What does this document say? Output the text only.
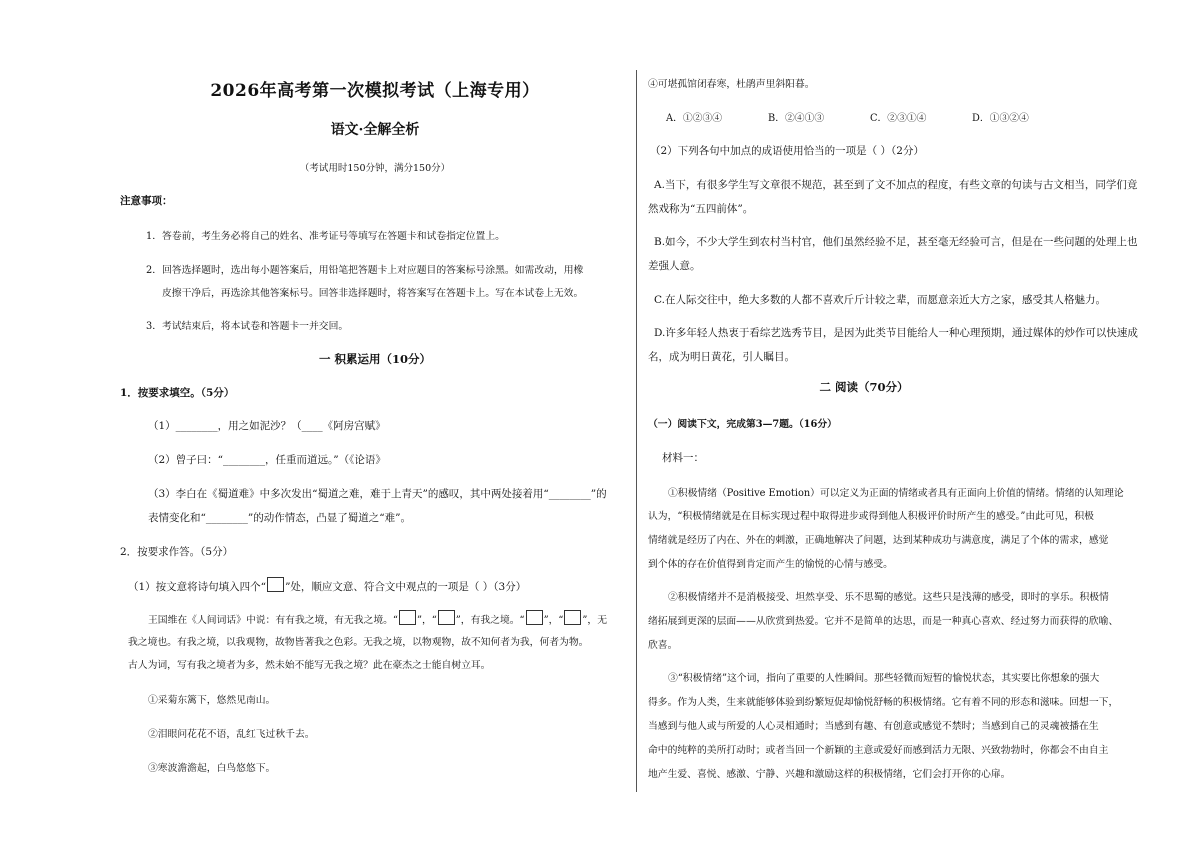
2026年高考第一次模拟考试（上海专用）
语文·全解全析
（考试用时150分钟，满分150分）
注意事项：
1．答卷前，考生务必将自己的姓名、准考证号等填写在答题卡和试卷指定位置上。
2．回答选择题时，选出每小题答案后，用铅笔把答题卡上对应题目的答案标号涂黑。如需改动，用橡
皮擦干净后，再选涂其他答案标号。回答非选择题时，将答案写在答题卡上。写在本试卷上无效。
3．考试结束后，将本试卷和答题卡一并交回。
一 积累运用（10分）
1．按要求填空。（5分）
（1）________，用之如泥沙？（____《阿房宫赋》
（2）曾子曰：“________，任重而道远。”（《论语》
（3）李白在《蜀道难》中多次发出“蜀道之难，难于上青天”的感叹，其中两处接着用“________”的
表情变化和“________”的动作情态，凸显了蜀道之“难”。
2．按要求作答。（5分）
（1）按文意将诗句填入四个“ ”处，顺应文意、符合文中观点的一项是（ ）（3分）
王国维在《人间词话》中说：有有我之境，有无我之境。“ ”，“ ”，有我之境。“ ”，“ ”，无
我之境也。有我之境，以我观物，故物皆著我之色彩。无我之境，以物观物，故不知何者为我，何者为物。
古人为词，写有我之境者为多，然未始不能写无我之境？此在豪杰之士能自树立耳。
①采菊东篱下，悠然见南山。
②泪眼问花花不语，乱红飞过秋千去。
③寒波澹澹起，白鸟悠悠下。
④可堪孤馆闭春寒，杜鹃声里斜阳暮。
A．①②③④	B．②④①③	C．②③①④	D．①③②④
（2）下列各句中加点的成语使用恰当的一项是（ ）（2分）
A.当下，有很多学生写文章很不规范，甚至到了文不加点的程度，有些文章的句读与古文相当，同学们竟
然戏称为“五四前体”。
B.如今，不少大学生到农村当村官，他们虽然经验不足，甚至毫无经验可言，但是在一些问题的处理上也
差强人意。
C.在人际交往中，绝大多数的人都不喜欢斤斤计较之辈，而愿意亲近大方之家，感受其人格魅力。
D.许多年轻人热衷于看综艺选秀节目，是因为此类节目能给人一种心理预期，通过媒体的炒作可以快速成
名，成为明日黄花，引人瞩目。
二 阅读（70分）
（一）阅读下文，完成第3—7题。（16分）
材料一：
①积极情绪（Positive Emotion）可以定义为正面的情绪或者具有正面向上价值的情绪。情绪的认知理论
认为，“积极情绪就是在目标实现过程中取得进步或得到他人积极评价时所产生的感受。”由此可见，积极
情绪就是经历了内在、外在的刺激，正确地解决了问题，达到某种成功与满意度，满足了个体的需求，感觉
到个体的存在价值得到肯定而产生的愉悦的心情与感受。
②积极情绪并不是消极接受、坦然享受、乐不思蜀的感觉。这些只是浅薄的感受，即时的享乐。积极情
绪拓展到更深的层面——从欣赏到热爱。它并不是简单的达思，而是一种真心喜欢、经过努力而获得的欣喻、
欣喜。
③“积极情绪”这个词，指向了重要的人性瞬间。那些轻微而短暂的愉悦状态，其实要比你想象的强大
得多。作为人类，生来就能够体验到纷繁短促却愉悦舒畅的积极情绪。它有着不同的形态和滋味。回想一下，
当感到与他人或与所爱的人心灵相通时；当感到有趣、有创意或感觉不禁时；当感到自己的灵魂被播在生
命中的纯粹的美所打动时；或者当回一个新颖的主意或爱好而感到活力无限、兴致勃勃时，你都会不由自主
地产生爱、喜悦、感激、宁静、兴趣和激励这样的积极情绪，它们会打开你的心扉。
